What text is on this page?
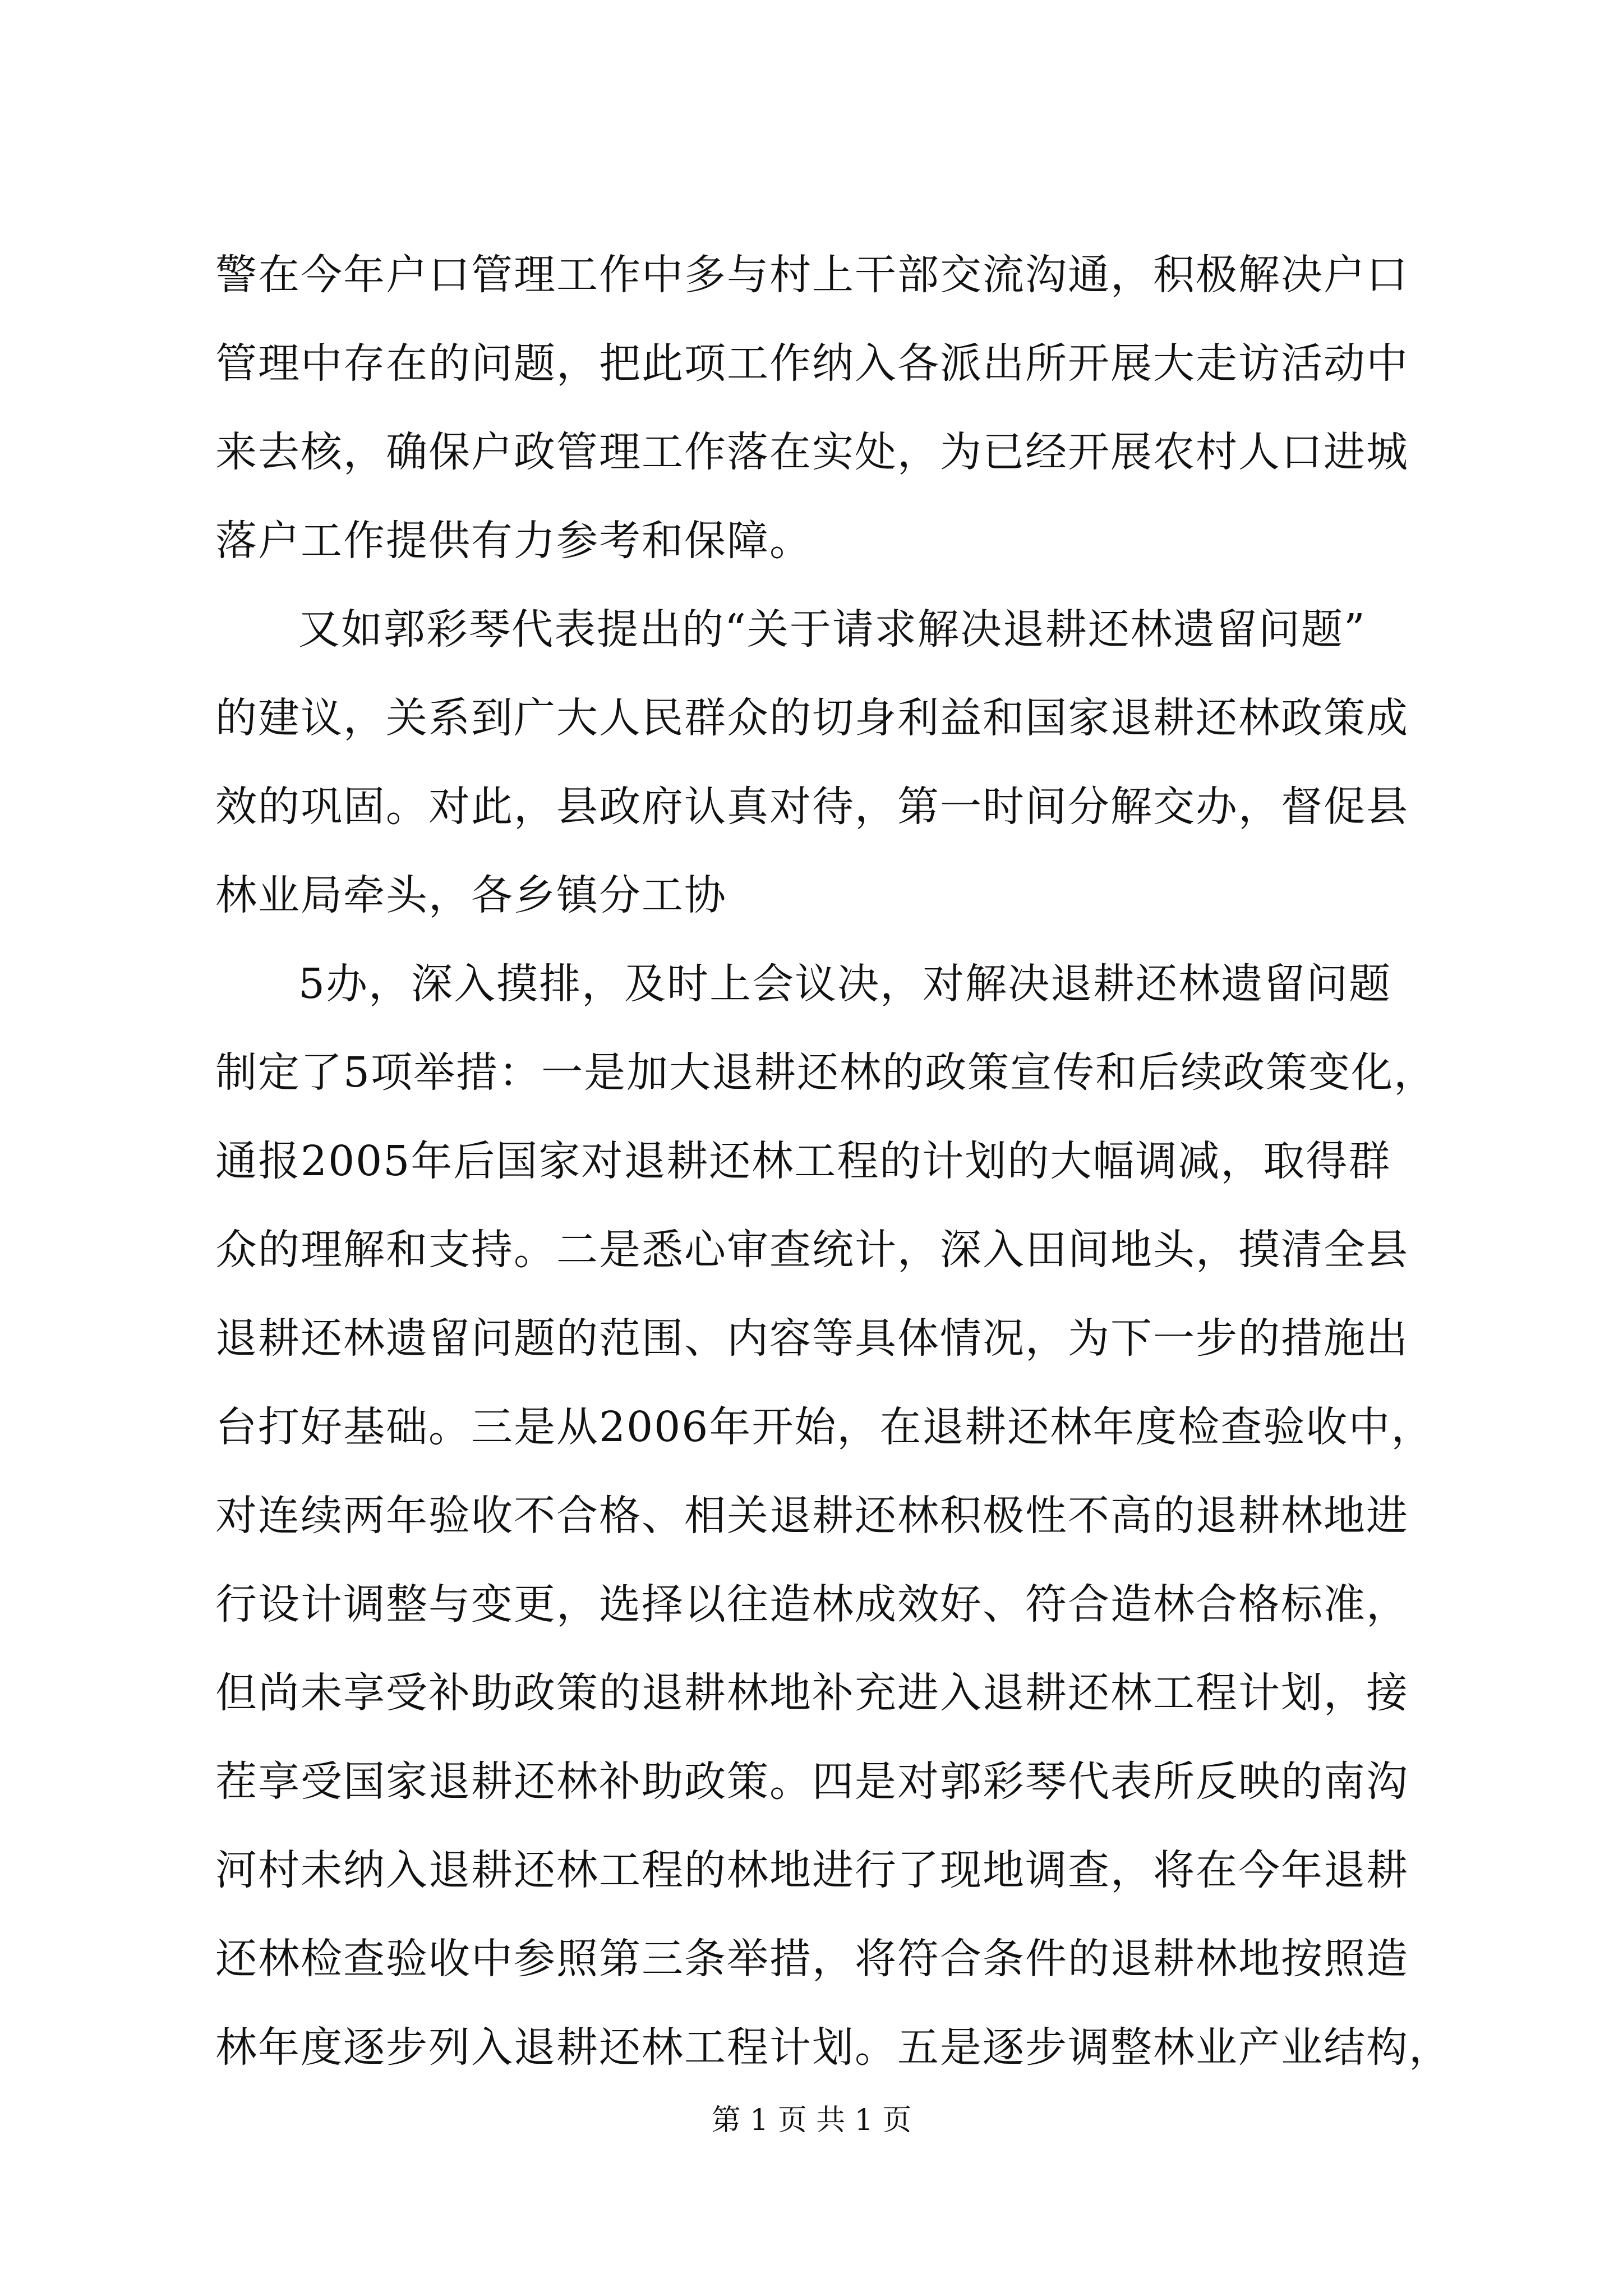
警在今年户口管理工作中多与村上干部交流沟通，积极解决户口
管理中存在的问题，把此项工作纳入各派出所开展大走访活动中
来去核，确保户政管理工作落在实处，为已经开展农村人口进城
落户工作提供有力参考和保障。
又如郭彩琴代表提出的“关于请求解决退耕还林遗留问题”
的建议，关系到广大人民群众的切身利益和国家退耕还林政策成
效的巩固。对此，县政府认真对待，第一时间分解交办，督促县
林业局牵头，各乡镇分工协
5办，深入摸排，及时上会议决，对解决退耕还林遗留问题
制定了5项举措：一是加大退耕还林的政策宣传和后续政策变化，
通报2005年后国家对退耕还林工程的计划的大幅调减，取得群
众的理解和支持。二是悉心审查统计，深入田间地头，摸清全县
退耕还林遗留问题的范围、内容等具体情况，为下一步的措施出
台打好基础。三是从2006年开始，在退耕还林年度检查验收中，
对连续两年验收不合格、相关退耕还林积极性不高的退耕林地进
行设计调整与变更，选择以往造林成效好、符合造林合格标准，
但尚未享受补助政策的退耕林地补充进入退耕还林工程计划，接
茬享受国家退耕还林补助政策。四是对郭彩琴代表所反映的南沟
河村未纳入退耕还林工程的林地进行了现地调查，将在今年退耕
还林检查验收中参照第三条举措，将符合条件的退耕林地按照造
林年度逐步列入退耕还林工程计划。五是逐步调整林业产业结构，
第 1 页 共 1 页
